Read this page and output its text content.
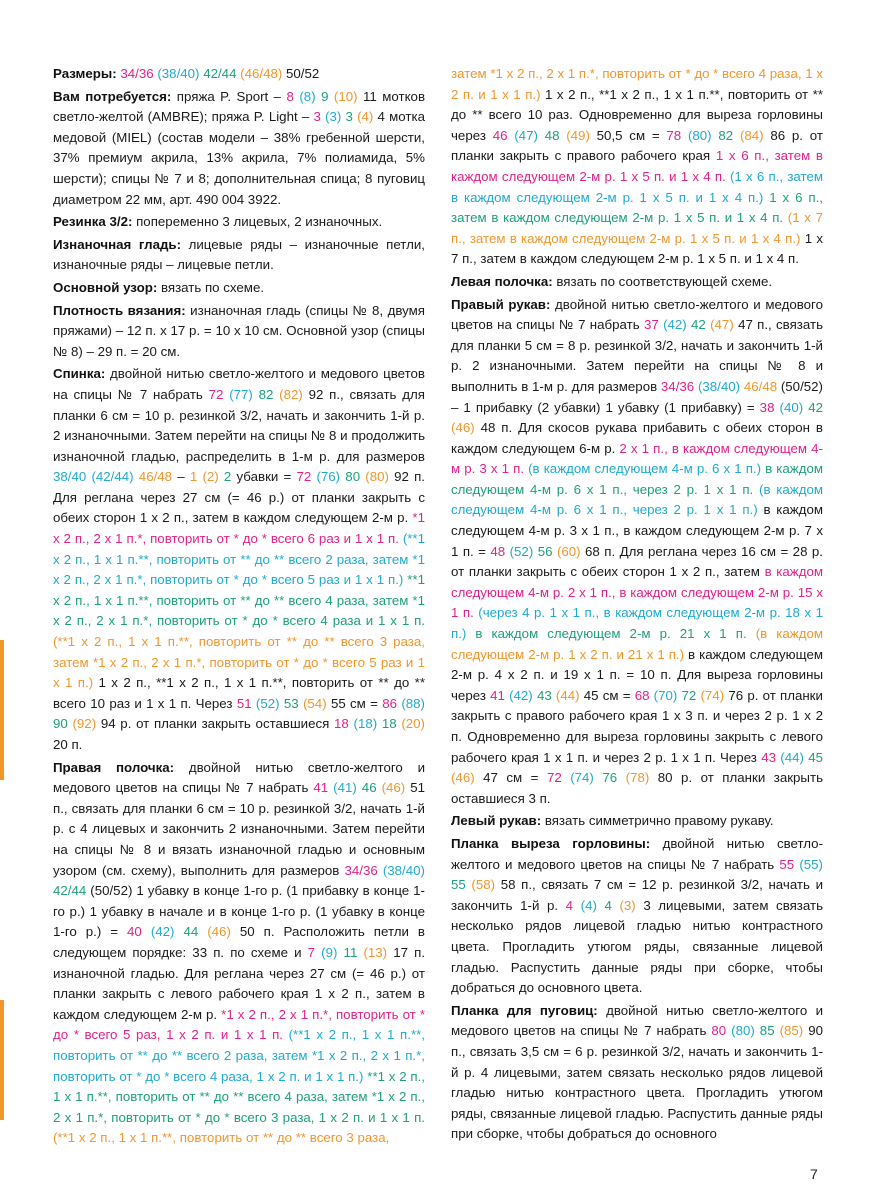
Размеры: 34/36 (38/40) 42/44 (46/48) 50/52

Вам потребуется: пряжа P. Sport – 8 (8) 9 (10) 11 мотков светло-желтой (AMBRE); пряжа P. Light – 3 (3) 3 (4) 4 мотка медовой (MIEL) (состав модели – 38% гребенной шерсти, 37% премиум акрила, 13% акрила, 7% полиамида, 5% шерсти); спицы № 7 и 8; дополнительная спица; 8 пуговиц диаметром 22 мм, арт. 490 004 3922.

Резинка 3/2: попеременно 3 лицевых, 2 изнаночных.

Изнаночная гладь: лицевые ряды – изнаночные петли, изнаночные ряды – лицевые петли.

Основной узор: вязать по схеме.

Плотность вязания: изнаночная гладь (спицы № 8, двумя пряжами) – 12 п. х 17 р. = 10 х 10 см. Основной узор (спицы № 8) – 29 п. = 20 см.

Спинка: двойной нитью светло-желтого и медового цветов на спицы № 7 набрать 72 (77) 82 (82) 92 п., связать для планки 6 см = 10 р. резинкой 3/2, начать и закончить 1-й р. 2 изнаночными. Затем перейти на спицы № 8 и продолжить изнаночной гладью, распределить в 1-м р. для размеров 38/40 (42/44) 46/48 – 1 (2) 2 убавки = 72 (76) 80 (80) 92 п. Для реглана через 27 см (= 46 р.) от планки закрыть с обеих сторон 1 х 2 п., затем в каждом следующем 2-м р. *1 х 2 п., 2 х 1 п.*, повторить от * до * всего 6 раз и 1 х 1 п. (**1 х 2 п., 1 х 1 п.**, повторить от ** до ** всего 2 раза, затем *1 х 2 п., 2 х 1 п.*, повторить от * до * всего 5 раз и 1 х 1 п.) **1 х 2 п., 1 х 1 п.**, повторить от ** до ** всего 4 раза, затем *1 х 2 п., 2 х 1 п.*, повторить от * до * всего 4 раза и 1 х 1 п. (**1 х 2 п., 1 х 1 п.**, повторить от ** до ** всего 3 раза, затем *1 х 2 п., 2 х 1 п.*, повторить от * до * всего 5 раз и 1 х 1 п.) 1 х 2 п., **1 х 2 п., 1 х 1 п.**, повторить от ** до ** всего 10 раз и 1 х 1 п. Через 51 (52) 53 (54) 55 см = 86 (88) 90 (92) 94 р. от планки закрыть оставшиеся 18 (18) 18 (20) 20 п.

Правая полочка: двойной нитью светло-желтого и медового цветов на спицы № 7 набрать 41 (41) 46 (46) 51 п., связать для планки 6 см = 10 р. резинкой 3/2, начать 1-й р. с 4 лицевых и закончить 2 изнаночными. Затем перейти на спицы № 8 и вязать изнаночной гладью и основным узором (см. схему), выполнить для размеров 34/36 (38/40) 42/44 (50/52) 1 убавку в конце 1-го р. (1 прибавку в конце 1-го р.) 1 убавку в начале и в конце 1-го р. (1 убавку в конце 1-го р.) = 40 (42) 44 (46) 50 п. Расположить петли в следующем порядке: 33 п. по схеме и 7 (9) 11 (13) 17 п. изнаночной гладью. Для реглана через 27 см (= 46 р.) от планки закрыть с левого рабочего края 1 х 2 п., затем в каждом следующем 2-м р. *1 х 2 п., 2 х 1 п.*, повторить от * до * всего 5 раз, 1 х 2 п. и 1 х 1 п. (**1 х 2 п., 1 х 1 п.**, повторить от ** до ** всего 2 раза, затем *1 х 2 п., 2 х 1 п.*, повторить от * до * всего 4 раза, 1 х 2 п. и 1 х 1 п.) **1 х 2 п., 1 х 1 п.**, повторить от ** до ** всего 4 раза, затем *1 х 2 п., 2 х 1 п.*, повторить от * до * всего 3 раза, 1 х 2 п. и 1 х 1 п. (**1 х 2 п., 1 х 1 п.**, повторить от ** до ** всего 3 раза,

затем *1 х 2 п., 2 х 1 п.*, повторить от * до * всего 4 раза, 1 х 2 п. и 1 х 1 п.) 1 х 2 п., **1 х 2 п., 1 х 1 п.**, повторить от ** до ** всего 10 раз. Одновременно для выреза горловины через 46 (47) 48 (49) 50,5 см = 78 (80) 82 (84) 86 р. от планки закрыть с правого рабочего края 1 х 6 п., затем в каждом следующем 2-м р. 1 х 5 п. и 1 х 4 п. (1 х 6 п., затем в каждом следующем 2-м р. 1 х 5 п. и 1 х 4 п.) 1 х 6 п., затем в каждом следующем 2-м р. 1 х 5 п. и 1 х 4 п. (1 х 7 п., затем в каждом следующем 2-м р. 1 х 5 п. и 1 х 4 п.) 1 х 7 п., затем в каждом следующем 2-м р. 1 х 5 п. и 1 х 4 п.

Левая полочка: вязать по соответствующей схеме.

Правый рукав: двойной нитью светло-желтого и медового цветов на спицы № 7 набрать 37 (42) 42 (47) 47 п., связать для планки 5 см = 8 р. резинкой 3/2, начать и закончить 1-й р. 2 изнаночными. Затем перейти на спицы № 8 и выполнить в 1-м р. для размеров 34/36 (38/40) 46/48 (50/52) – 1 прибавку (2 убавки) 1 убавку (1 прибавку) = 38 (40) 42 (46) 48 п. Для скосов рукава прибавить с обеих сторон в каждом следующем 6-м р. 2 х 1 п., в каждом следующем 4-м р. 3 х 1 п. (в каждом следующем 4-м р. 6 х 1 п.) в каждом следующем 4-м р. 6 х 1 п., через 2 р. 1 х 1 п. (в каждом следующем 4-м р. 6 х 1 п., через 2 р. 1 х 1 п.) в каждом следующем 4-м р. 3 х 1 п., в каждом следующем 2-м р. 7 х 1 п. = 48 (52) 56 (60) 68 п. Для реглана через 16 см = 28 р. от планки закрыть с обеих сторон 1 х 2 п., затем в каждом следующем 4-м р. 2 х 1 п., в каждом следующем 2-м р. 15 х 1 п. (через 4 р. 1 х 1 п., в каждом следующем 2-м р. 18 х 1 п.) в каждом следующем 2-м р. 21 х 1 п. (в каждом следующем 2-м р. 1 х 2 п. и 21 х 1 п.) в каждом следующем 2-м р. 4 х 2 п. и 19 х 1 п. = 10 п. Для выреза горловины через 41 (42) 43 (44) 45 см = 68 (70) 72 (74) 76 р. от планки закрыть с правого рабочего края 1 х 3 п. и через 2 р. 1 х 2 п. Одновременно для выреза горловины закрыть с левого рабочего края 1 х 1 п. и через 2 р. 1 х 1 п. Через 43 (44) 45 (46) 47 см = 72 (74) 76 (78) 80 р. от планки закрыть оставшиеся 3 п.

Левый рукав: вязать симметрично правому рукаву.

Планка выреза горловины: двойной нитью светло-желтого и медового цветов на спицы № 7 набрать 55 (55) 55 (58) 58 п., связать 7 см = 12 р. резинкой 3/2, начать и закончить 1-й р. 4 (4) 4 (3) 3 лицевыми, затем связать несколько рядов лицевой гладью нитью контрастного цвета. Прогладить утюгом ряды, связанные лицевой гладью. Распустить данные ряды при сборке, чтобы добраться до основного цвета.

Планка для пуговиц: двойной нитью светло-желтого и медового цветов на спицы № 7 набрать 80 (80) 85 (85) 90 п., связать 3,5 см = 6 р. резинкой 3/2, начать и закончить 1-й р. 4 лицевыми, затем связать несколько рядов лицевой гладью нитью контрастного цвета. Прогладить утюгом ряды, связанные лицевой гладью. Распустить данные ряды при сборке, чтобы добраться до основного

7
